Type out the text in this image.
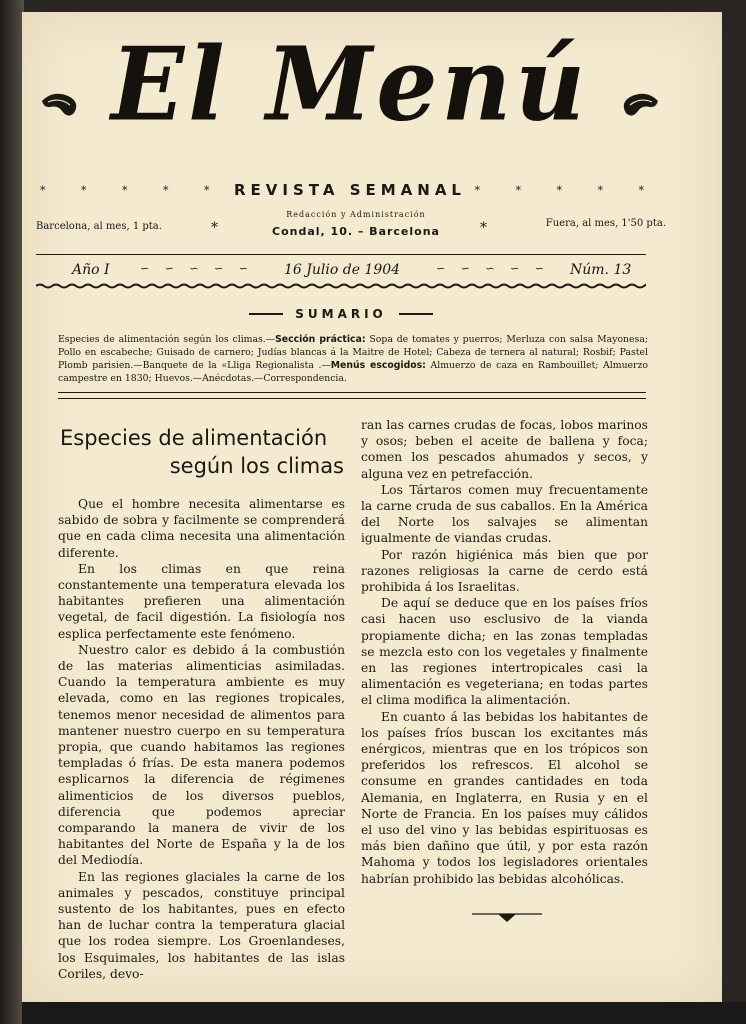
El Menú
* * * * * REVISTA SEMANAL * * * * *
Barcelona, al mes, 1 pta.	*
Redacción y Administración
Condal, 10. – Barcelona	*	Fuera, al mes, 1'50 pta.
Año I	∽ ∽ ∽ ∽ ∽ 16 Julio de 1904	∽ ∽ ∽ ∽ ∽ Núm. 13
SUMARIO
Especies de alimentación según los climas.—Sección práctica: Sopa de tomates y puerros; Merluza con salsa Mayonesa; Pollo en escabeche; Guisado de carnero; Judías blancas á la Maitre de Hotel; Cabeza de ternera al natural; Rosbif; Pastel Plomb parisien.—Banquete de la «Lliga Regionalista .—Menús escogidos: Almuerzo de caza en Rambouillet; Almuerzo campestre en 1830; Huevos.—Anécdotas.—Correspondencia.
Especies de alimentación
según los climas

Que el hombre necesita alimentarse es sabido de sobra y facilmente se comprenderá que en cada clima necesita una alimentación diferente.

En los climas en que reina constantemente una temperatura elevada los habitantes prefieren una alimentación vegetal, de facil digestión. La fisiología nos esplica perfectamente este fenómeno.

Nuestro calor es debido á la combustión de las materias alimenticias asimiladas. Cuando la temperatura ambiente es muy elevada, como en las regiones tropicales, tenemos menor necesidad de alimentos para mantener nuestro cuerpo en su temperatura propia, que cuando habitamos las regiones templadas ó frías. De esta manera podemos esplicarnos la diferencia de régimenes alimenticios de los diversos pueblos, diferencia que podemos apreciar comparando la manera de vivir de los habitantes del Norte de España y la de los del Mediodía.

En las regiones glaciales la carne de los animales y pescados, constituye principal sustento de los habitantes, pues en efecto han de luchar contra la temperatura glacial que los rodea siempre. Los Groenlandeses, los Esquimales, los habitantes de las islas Coriles, devo-

ran las carnes crudas de focas, lobos marinos y osos; beben el aceite de ballena y foca; comen los pescados ahumados y secos, y alguna vez en petrefacción.

Los Tártaros comen muy frecuentamente la carne cruda de sus caballos. En la América del Norte los salvajes se alimentan igualmente de viandas crudas.

Por razón higiénica más bien que por razones religiosas la carne de cerdo está prohibida á los Israelitas.

De aquí se deduce que en los países fríos casi hacen uso esclusivo de la vianda propiamente dicha; en las zonas templadas se mezcla esto con los vegetales y finalmente en las regiones intertropicales casi la alimentación es vegeteriana; en todas partes el clima modifica la alimentación.

En cuanto á las bebidas los habitantes de los países fríos buscan los excitantes más enérgicos, mientras que en los trópicos son preferidos los refrescos. El alcohol se consume en grandes cantidades en toda Alemania, en Inglaterra, en Rusia y en el Norte de Francia. En los países muy cálidos el uso del vino y las bebidas espirituosas es más bien dañino que útil, y por esta razón Mahoma y todos los legisladores orientales habrían prohibido las bebidas alcohólicas.
